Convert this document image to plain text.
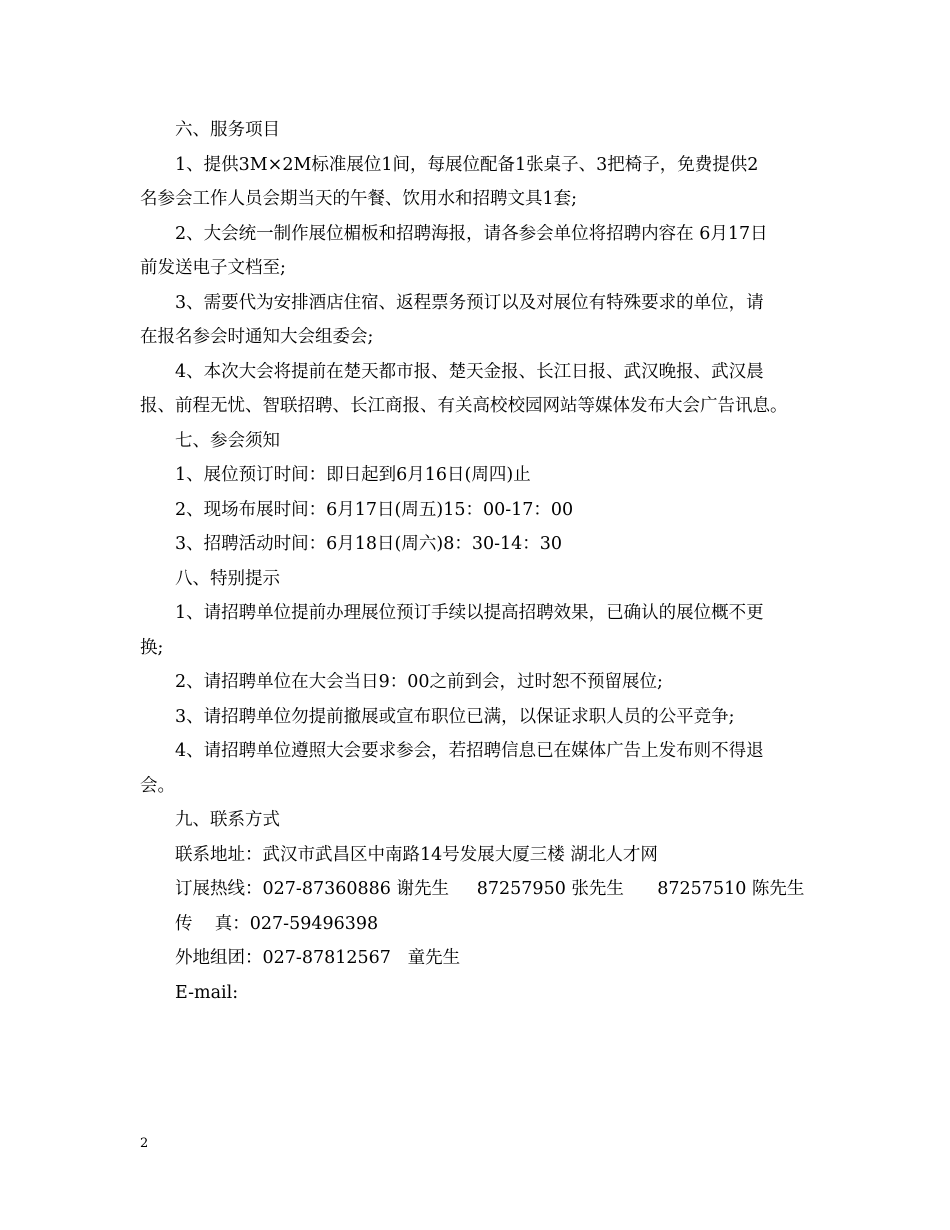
六、服务项目
1、提供3M×2M标准展位1间，每展位配备1张桌子、3把椅子，免费提供2
名参会工作人员会期当天的午餐、饮用水和招聘文具1套;
2、大会统一制作展位楣板和招聘海报，请各参会单位将招聘内容在 6月17日
前发送电子文档至;
3、需要代为安排酒店住宿、返程票务预订以及对展位有特殊要求的单位，请
在报名参会时通知大会组委会;
4、本次大会将提前在楚天都市报、楚天金报、长江日报、武汉晚报、武汉晨
报、前程无忧、智联招聘、长江商报、有关高校校园网站等媒体发布大会广告讯息。
七、参会须知
1、展位预订时间：即日起到6月16日(周四)止
2、现场布展时间：6月17日(周五)15：00-17：00
3、招聘活动时间：6月18日(周六)8：30-14：30
八、特别提示
1、请招聘单位提前办理展位预订手续以提高招聘效果，已确认的展位概不更
换;
2、请招聘单位在大会当日9：00之前到会，过时恕不预留展位;
3、请招聘单位勿提前撤展或宣布职位已满，以保证求职人员的公平竞争;
4、请招聘单位遵照大会要求参会，若招聘信息已在媒体广告上发布则不得退
会。
九、联系方式
联系地址：武汉市武昌区中南路14号发展大厦三楼 湖北人才网
订展热线：027-87360886 谢先生     87257950 张先生      87257510 陈先生
传    真：027-59496398
外地组团：027-87812567   童先生
E-mail:
2
